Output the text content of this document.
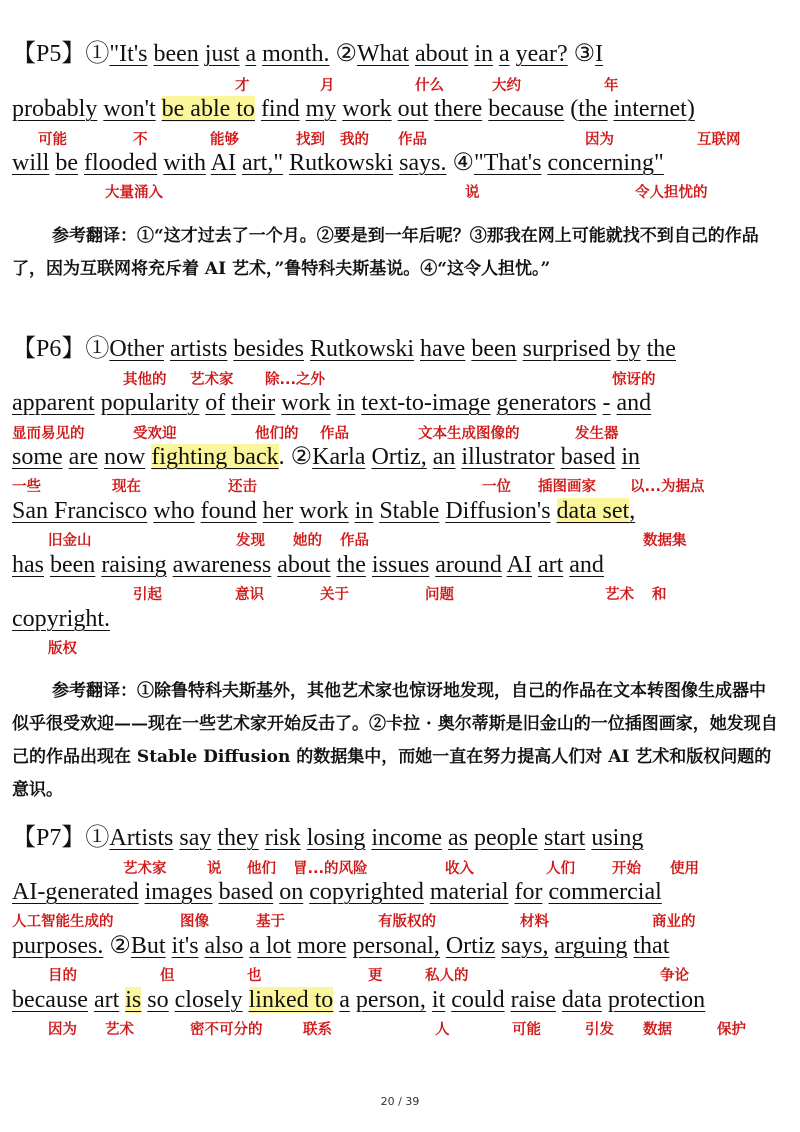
【P5】①"It's been just a month. ②What about in a year? ③I
才	月	什么	大约	年
probably won't be able to find my work out there because (the internet)
可能	不	能够	找到 我的 作品	因为	互联网
will be flooded with AI art," Rutkowski says. ④"That's concerning"
大量涌入	说	令人担忧的

参考翻译：①“这才过去了一个月。②要是到一年后呢？③那我在网上可能就找不到自己的作品了，因为互联网将充斥着 AI 艺术，”鲁特科夫斯基说。④“这令人担忧。”

【P6】①Other artists besides Rutkowski have been surprised by the
其他的 艺术家 除...之外	惊讶的
apparent popularity of their work in text-to-image generators - and
显而易见的	受欢迎	他们的 作品	文本生成图像的	发生器
some are now fighting back. ②Karla Ortiz, an illustrator based in
一些	现在	还击	一位 插图画家 以...为据点
San Francisco who found her work in Stable Diffusion's data set,
旧金山	发现 她的 作品	数据集
has been raising awareness about the issues around AI art and
引起	意识	关于	问题	艺术 和
copyright.
版权

参考翻译：①除鲁特科夫斯基外，其他艺术家也惊讶地发现，自己的作品在文本转图像生成器中似乎很受欢迎——现在一些艺术家开始反击了。②卡拉 · 奥尔蒂斯是旧金山的一位插图画家，她发现自己的作品出现在 Stable Diffusion 的数据集中，而她一直在努力提高人们对 AI 艺术和版权问题的意识。

【P7】①Artists say they risk losing income as people start using
艺术家	说 他们 冒...的风险	收入	人们	开始 使用
AI-generated images based on copyrighted material for commercial
人工智能生成的	图像	基于	有版权的	材料	商业的
purposes. ②But it's also a lot more personal, Ortiz says, arguing that
目的	但	也	更	私人的	争论
because art is so closely linked to a person, it could raise data protection
因为 艺术	密不可分的	联系	人	可能	引发 数据	保护
20 / 39
